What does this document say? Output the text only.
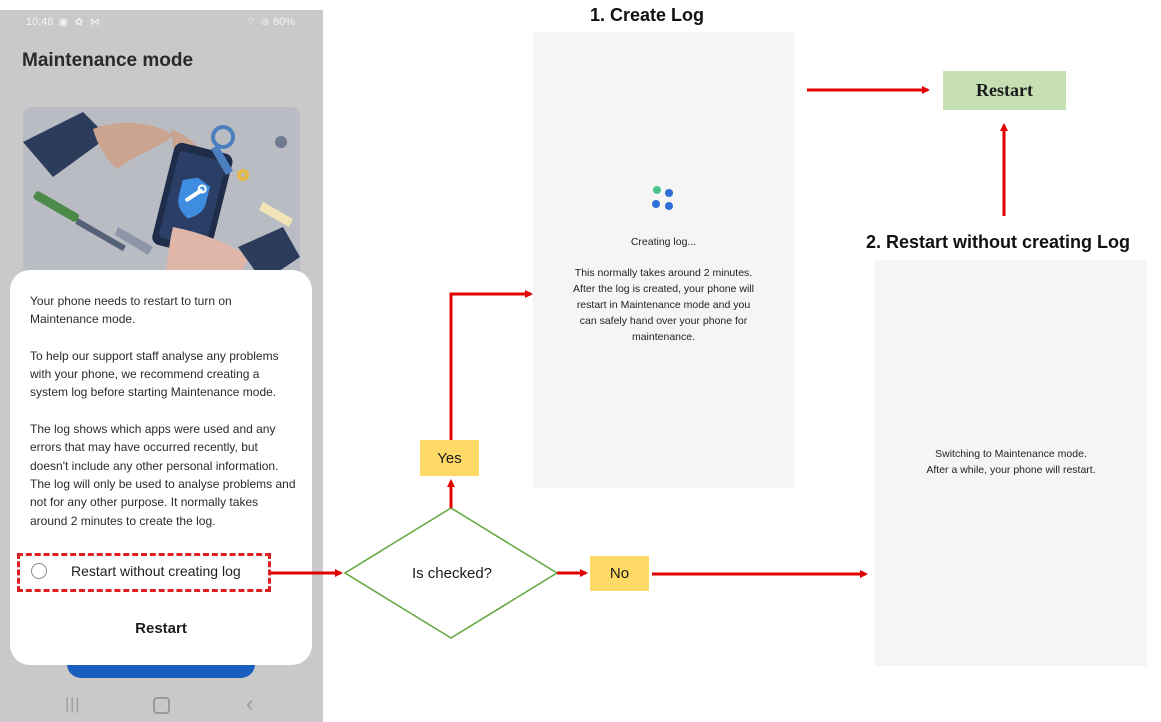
10:48 ▣ ✿ ⋈	⌔ ⊘ 80%
Maintenance mode

Your phone needs to restart to turn on Maintenance mode.

To help our support staff analyse any problems with your phone, we recommend creating a system log before starting Maintenance mode.

The log shows which apps were used and any errors that may have occurred recently, but doesn't include any other personal information. The log will only be used to analyse problems and not for any other purpose. It normally takes around 2 minutes to create the log.

Restart without creating log
Restart
|||	‹
1. Create Log
Creating log...
This normally takes around 2 minutes.
After the log is created, your phone will
restart in Maintenance mode and you
can safely hand over your phone for
maintenance.
2. Restart without creating Log
Switching to Maintenance mode.
After a while, your phone will restart.
Is checked?
Yes
No
Restart
